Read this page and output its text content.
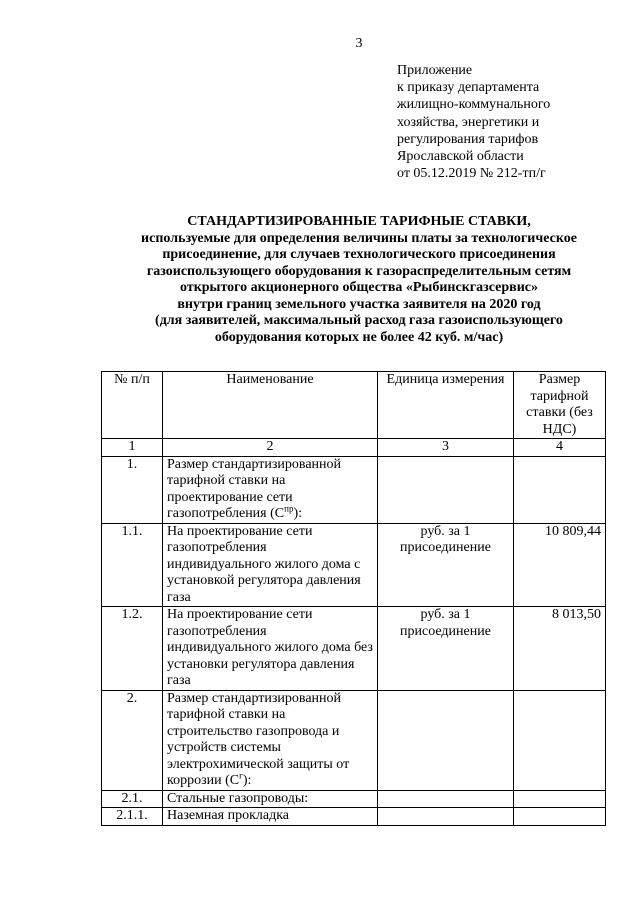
3
Приложение
к приказу департамента
жилищно-коммунального
хозяйства, энергетики и
регулирования тарифов
Ярославской области
от 05.12.2019 № 212-тп/г
СТАНДАРТИЗИРОВАННЫЕ ТАРИФНЫЕ СТАВКИ,
используемые для определения величины платы за технологическое
присоединение, для случаев технологического присоединения
газоиспользующего оборудования к газораспределительным сетям
открытого акционерного общества «Рыбинскгазсервис»
внутри границ земельного участка заявителя на 2020 год
(для заявителей, максимальный расход газа газоиспользующего
оборудования которых не более 42 куб. м/час)
№ п/п	Наименование	Единица измерения	Размер тарифной ставки (без НДС)
1	2	3	4
1.	Размер стандартизированной тарифной ставки на проектирование сети газопотребления $(С^{пр})$:		
1.1.	На проектирование сети газопотребления индивидуального жилого дома с установкой регулятора давления газа	руб. за 1 присоединение	10 809,44
1.2.	На проектирование сети газопотребления индивидуального жилого дома без установки регулятора давления газа	руб. за 1 присоединение	8 013,50
2.	Размер стандартизированной тарифной ставки на строительство газопровода и устройств системы электрохимической защиты от коррозии $(С^г)$:		
2.1.	Стальные газопроводы:		
2.1.1.	Наземная прокладка		
